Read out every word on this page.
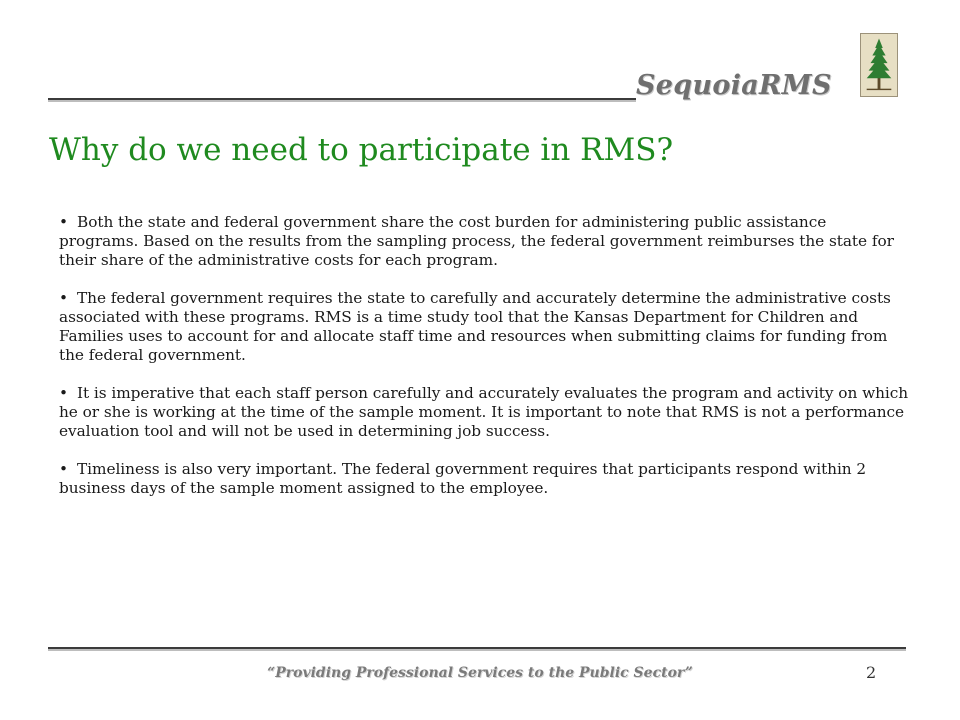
SequoiaRMS
Why do we need to participate in RMS?
• Both the state and federal government share the cost burden for administering public assistance programs. Based on the results from the sampling process, the federal government reimburses the state for their share of the administrative costs for each program.
• The federal government requires the state to carefully and accurately determine the administrative costs associated with these programs. RMS is a time study tool that the Kansas Department for Children and Families uses to account for and allocate staff time and resources when submitting claims for funding from the federal government.
• It is imperative that each staff person carefully and accurately evaluates the program and activity on which he or she is working at the time of the sample moment. It is important to note that RMS is not a performance evaluation tool and will not be used in determining job success.
• Timeliness is also very important. The federal government requires that participants respond within 2 business days of the sample moment assigned to the employee.
“Providing Professional Services to the Public Sector”	2
